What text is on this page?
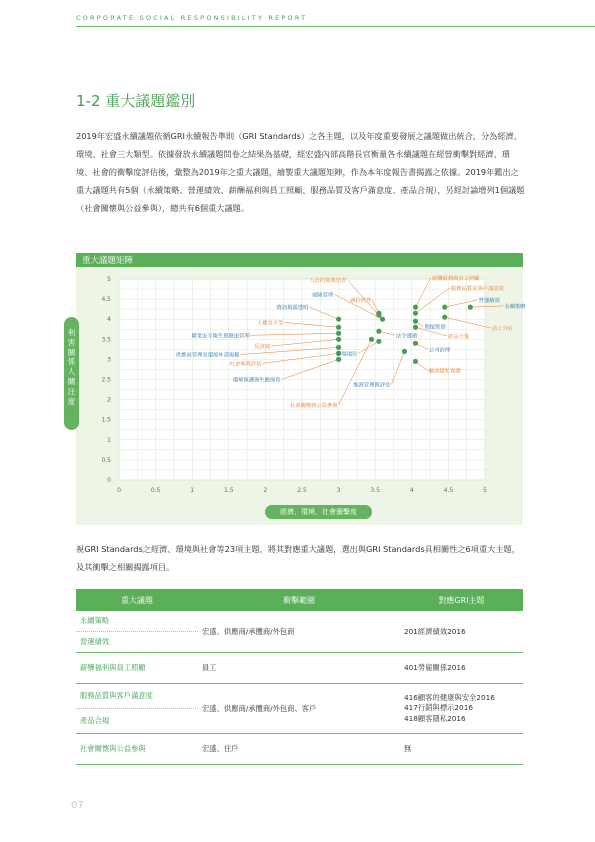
CORPORATE SOCIAL RESPONSIBILITY REPORT
1-2 重大議題鑑別
2019年宏盛永續議題依循GRI永續報告準則（GRI Standards）之各主題，以及年度重要發展之議題做出統合，分為經濟、環境、社會三大類型。依據發放永續議題問卷之結果為基礎，經宏盛內部高階長官衡量各永續議題在經營衝擊對經濟、環境、社會的衝擊度評估後，彙整為2019年之重大議題，繪製重大議題矩陣，作為本年度報告書揭露之依據。2019年鑑出之重大議題共有5個（永續策略、營運績效、薪酬福利與員工照顧、服務品質及客戶滿意度、產品合規），另經討論增列1個議題（社會關懷與公益參與），總共有6個重大議題。
重大議題矩陣
0	0.5	1	1.5	2	2.5	3	3.5	4	4.5	5
0
0.5
1
1.5
2
2.5
3
3.5
4
4.5
5
永續策略
營運績效
員工分紅
薪酬福利與員工照顧
服務品質及客戶滿意度
人員招募與培育
風險管理
誠信經營
資訊揭露透明
人權及平等
職業安全衛生與健康管理
反貪腐
供應商管理及環境外部規範
社會參與評估
環境保護與生態保育
社會關懷與公益參與
法令遵循
市場地位
產品合規
間接經濟
公司治理
顧客隱私保護
能源管理與評估
利
害
關
係
人
關
注
度
經濟、環境、社會衝擊度
視GRI Standards之經濟、環境與社會等23項主題，將其對應重大議題，選出與GRI Standards具相關性之6項重大主題，及其衝擊之相關揭露項目。
重大議題	衝擊範圍	對應GRI主題
永續策略	宏盛、供應商/承攬商/外包商	201經濟績效2016
營運績效		
薪酬福利與員工照顧	員工	401勞雇關係2016
服務品質與客戶滿意度	宏盛、供應商/承攬商/外包商、客戶	416顧客的健康與安全2016
417行銷與標示2016
418顧客隱私2016

產品合規		
社會關懷與公益參與	宏盛、住戶	無
07
